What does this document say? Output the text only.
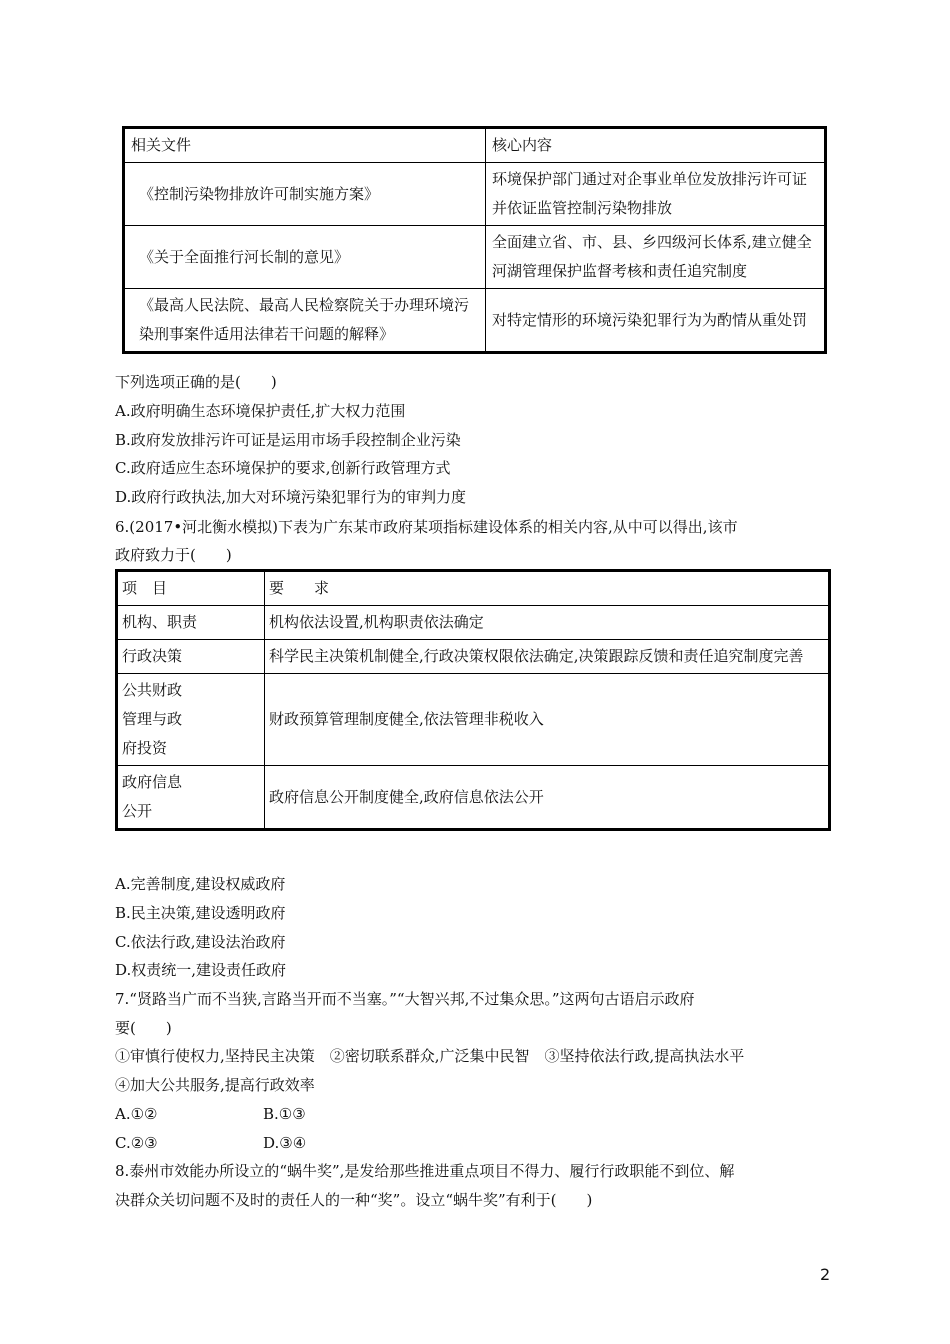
相关文件	核心内容
《控制污染物排放许可制实施方案》	环境保护部门通过对企事业单位发放排污许可证并依证监管控制污染物排放
《关于全面推行河长制的意见》	全面建立省、市、县、乡四级河长体系,建立健全河湖管理保护监督考核和责任追究制度
《最高人民法院、最高人民检察院关于办理环境污染刑事案件适用法律若干问题的解释》	对特定情形的环境污染犯罪行为为酌情从重处罚
下列选项正确的是(　　)
A.政府明确生态环境保护责任,扩大权力范围
B.政府发放排污许可证是运用市场手段控制企业污染
C.政府适应生态环境保护的要求,创新行政管理方式
D.政府行政执法,加大对环境污染犯罪行为的审判力度
6.(2017•河北衡水模拟)下表为广东某市政府某项指标建设体系的相关内容,从中可以得出,该市
政府致力于(　　)
项　目	要　　求
机构、职责	机构依法设置,机构职责依法确定
行政决策	科学民主决策机制健全,行政决策权限依法确定,决策跟踪反馈和责任追究制度完善

公共财政管理与政府投资	财政预算管理制度健全,依法管理非税收入

政府信息公开	政府信息公开制度健全,政府信息依法公开
A.完善制度,建设权威政府
B.民主决策,建设透明政府
C.依法行政,建设法治政府
D.权责统一,建设责任政府
7.“贤路当广而不当狭,言路当开而不当塞。”“大智兴邦,不过集众思。”这两句古语启示政府
要(　　)
①审慎行使权力,坚持民主决策　②密切联系群众,广泛集中民智　③坚持依法行政,提高执法水平
④加大公共服务,提高行政效率
A.①②	B.①③
C.②③	D.③④
8.泰州市效能办所设立的“蜗牛奖”,是发给那些推进重点项目不得力、履行行政职能不到位、解
决群众关切问题不及时的责任人的一种“奖”。设立“蜗牛奖”有利于(　　)
2
